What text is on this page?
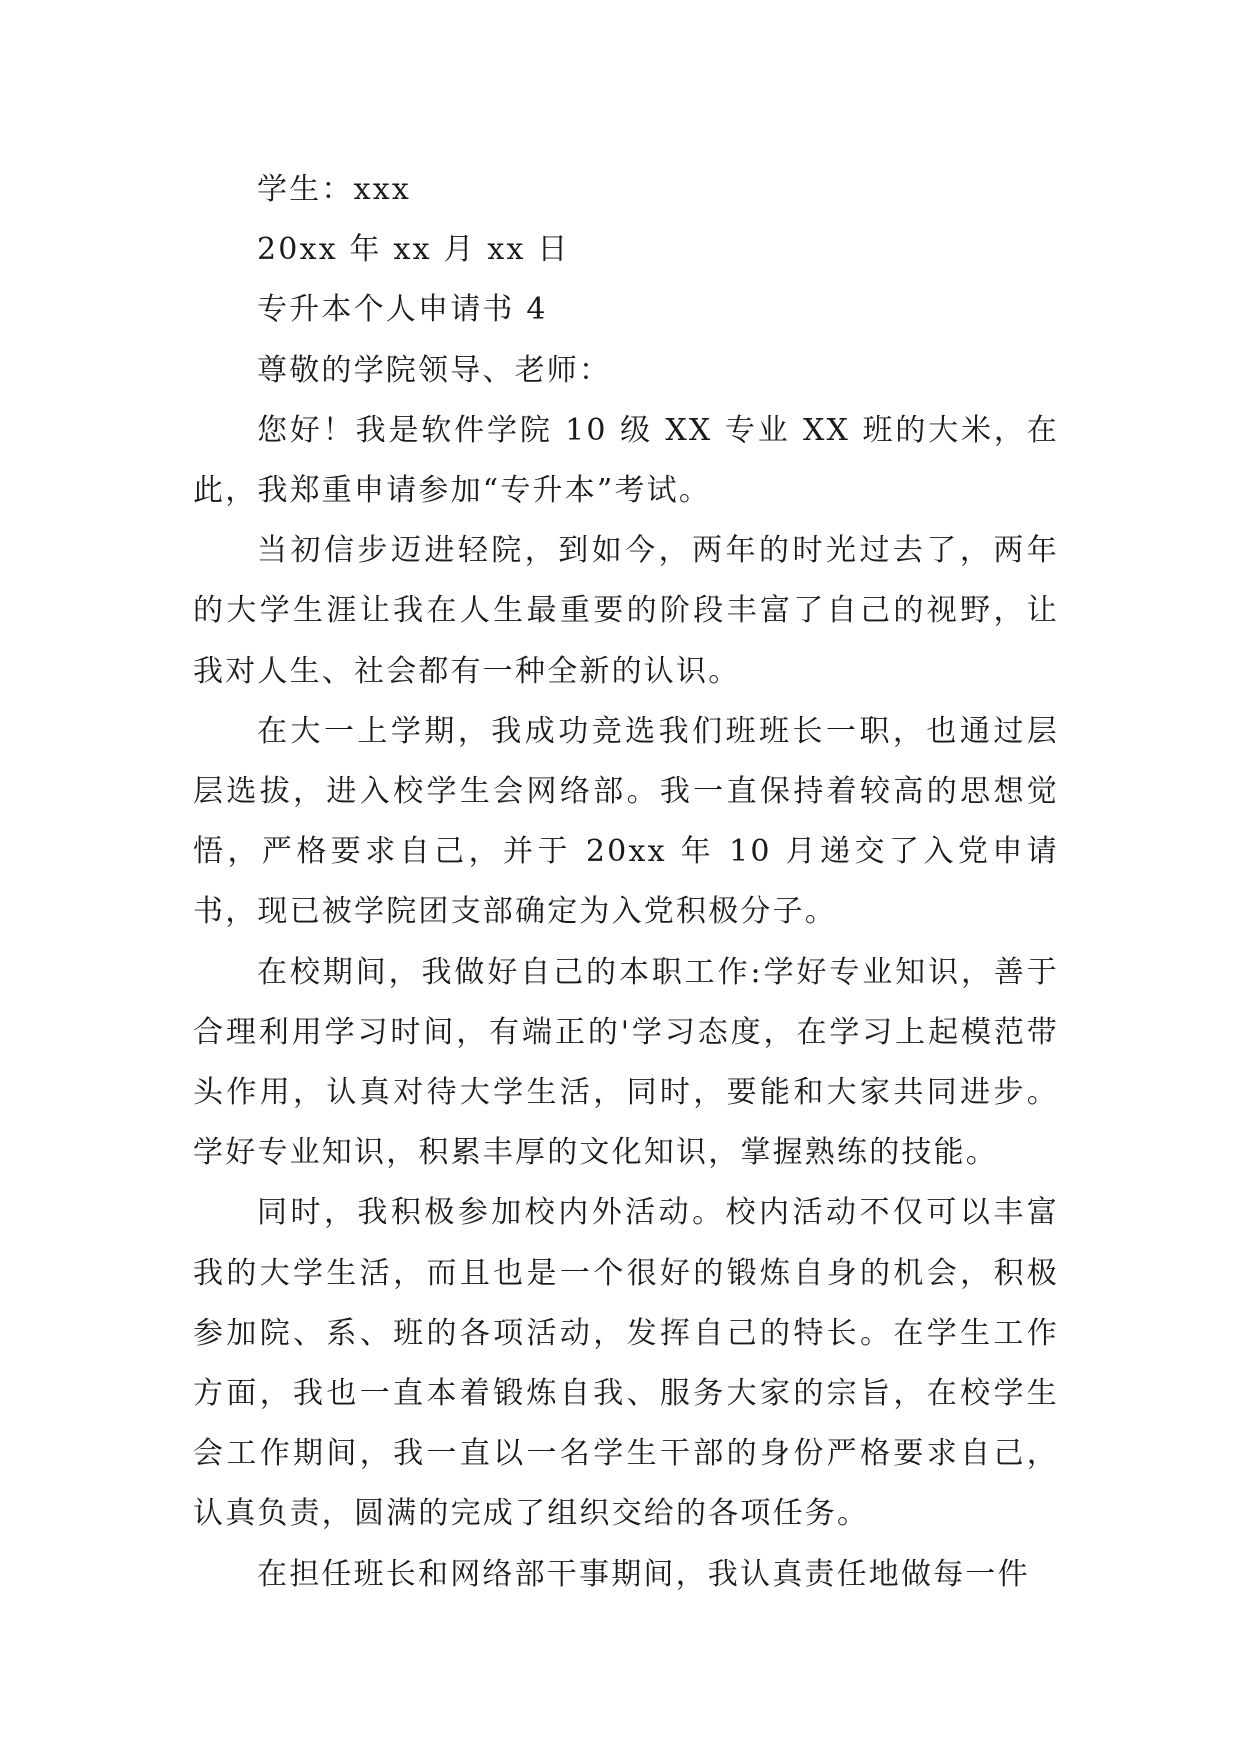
学生：xxx
20xx 年 xx 月 xx 日
专升本个人申请书 4
尊敬的学院领导、老师：

您好！我是软件学院 10 级 XX 专业 XX 班的大米，在此，我郑重申请参加“专升本”考试。

当初信步迈进轻院，到如今，两年的时光过去了，两年的大学生涯让我在人生最重要的阶段丰富了自己的视野，让我对人生、社会都有一种全新的认识。

在大一上学期，我成功竞选我们班班长一职，也通过层层选拔，进入校学生会网络部。我一直保持着较高的思想觉悟，严格要求自己，并于 20xx 年 10 月递交了入党申请书，现已被学院团支部确定为入党积极分子。

在校期间，我做好自己的本职工作:学好专业知识，善于合理利用学习时间，有端正的'学习态度，在学习上起模范带头作用，认真对待大学生活，同时，要能和大家共同进步。学好专业知识，积累丰厚的文化知识，掌握熟练的技能。

同时，我积极参加校内外活动。校内活动不仅可以丰富我的大学生活，而且也是一个很好的锻炼自身的机会，积极参加院、系、班的各项活动，发挥自己的特长。在学生工作方面，我也一直本着锻炼自我、服务大家的宗旨，在校学生会工作期间，我一直以一名学生干部的身份严格要求自己，认真负责，圆满的完成了组织交给的各项任务。

在担任班长和网络部干事期间，我认真责任地做每一件
